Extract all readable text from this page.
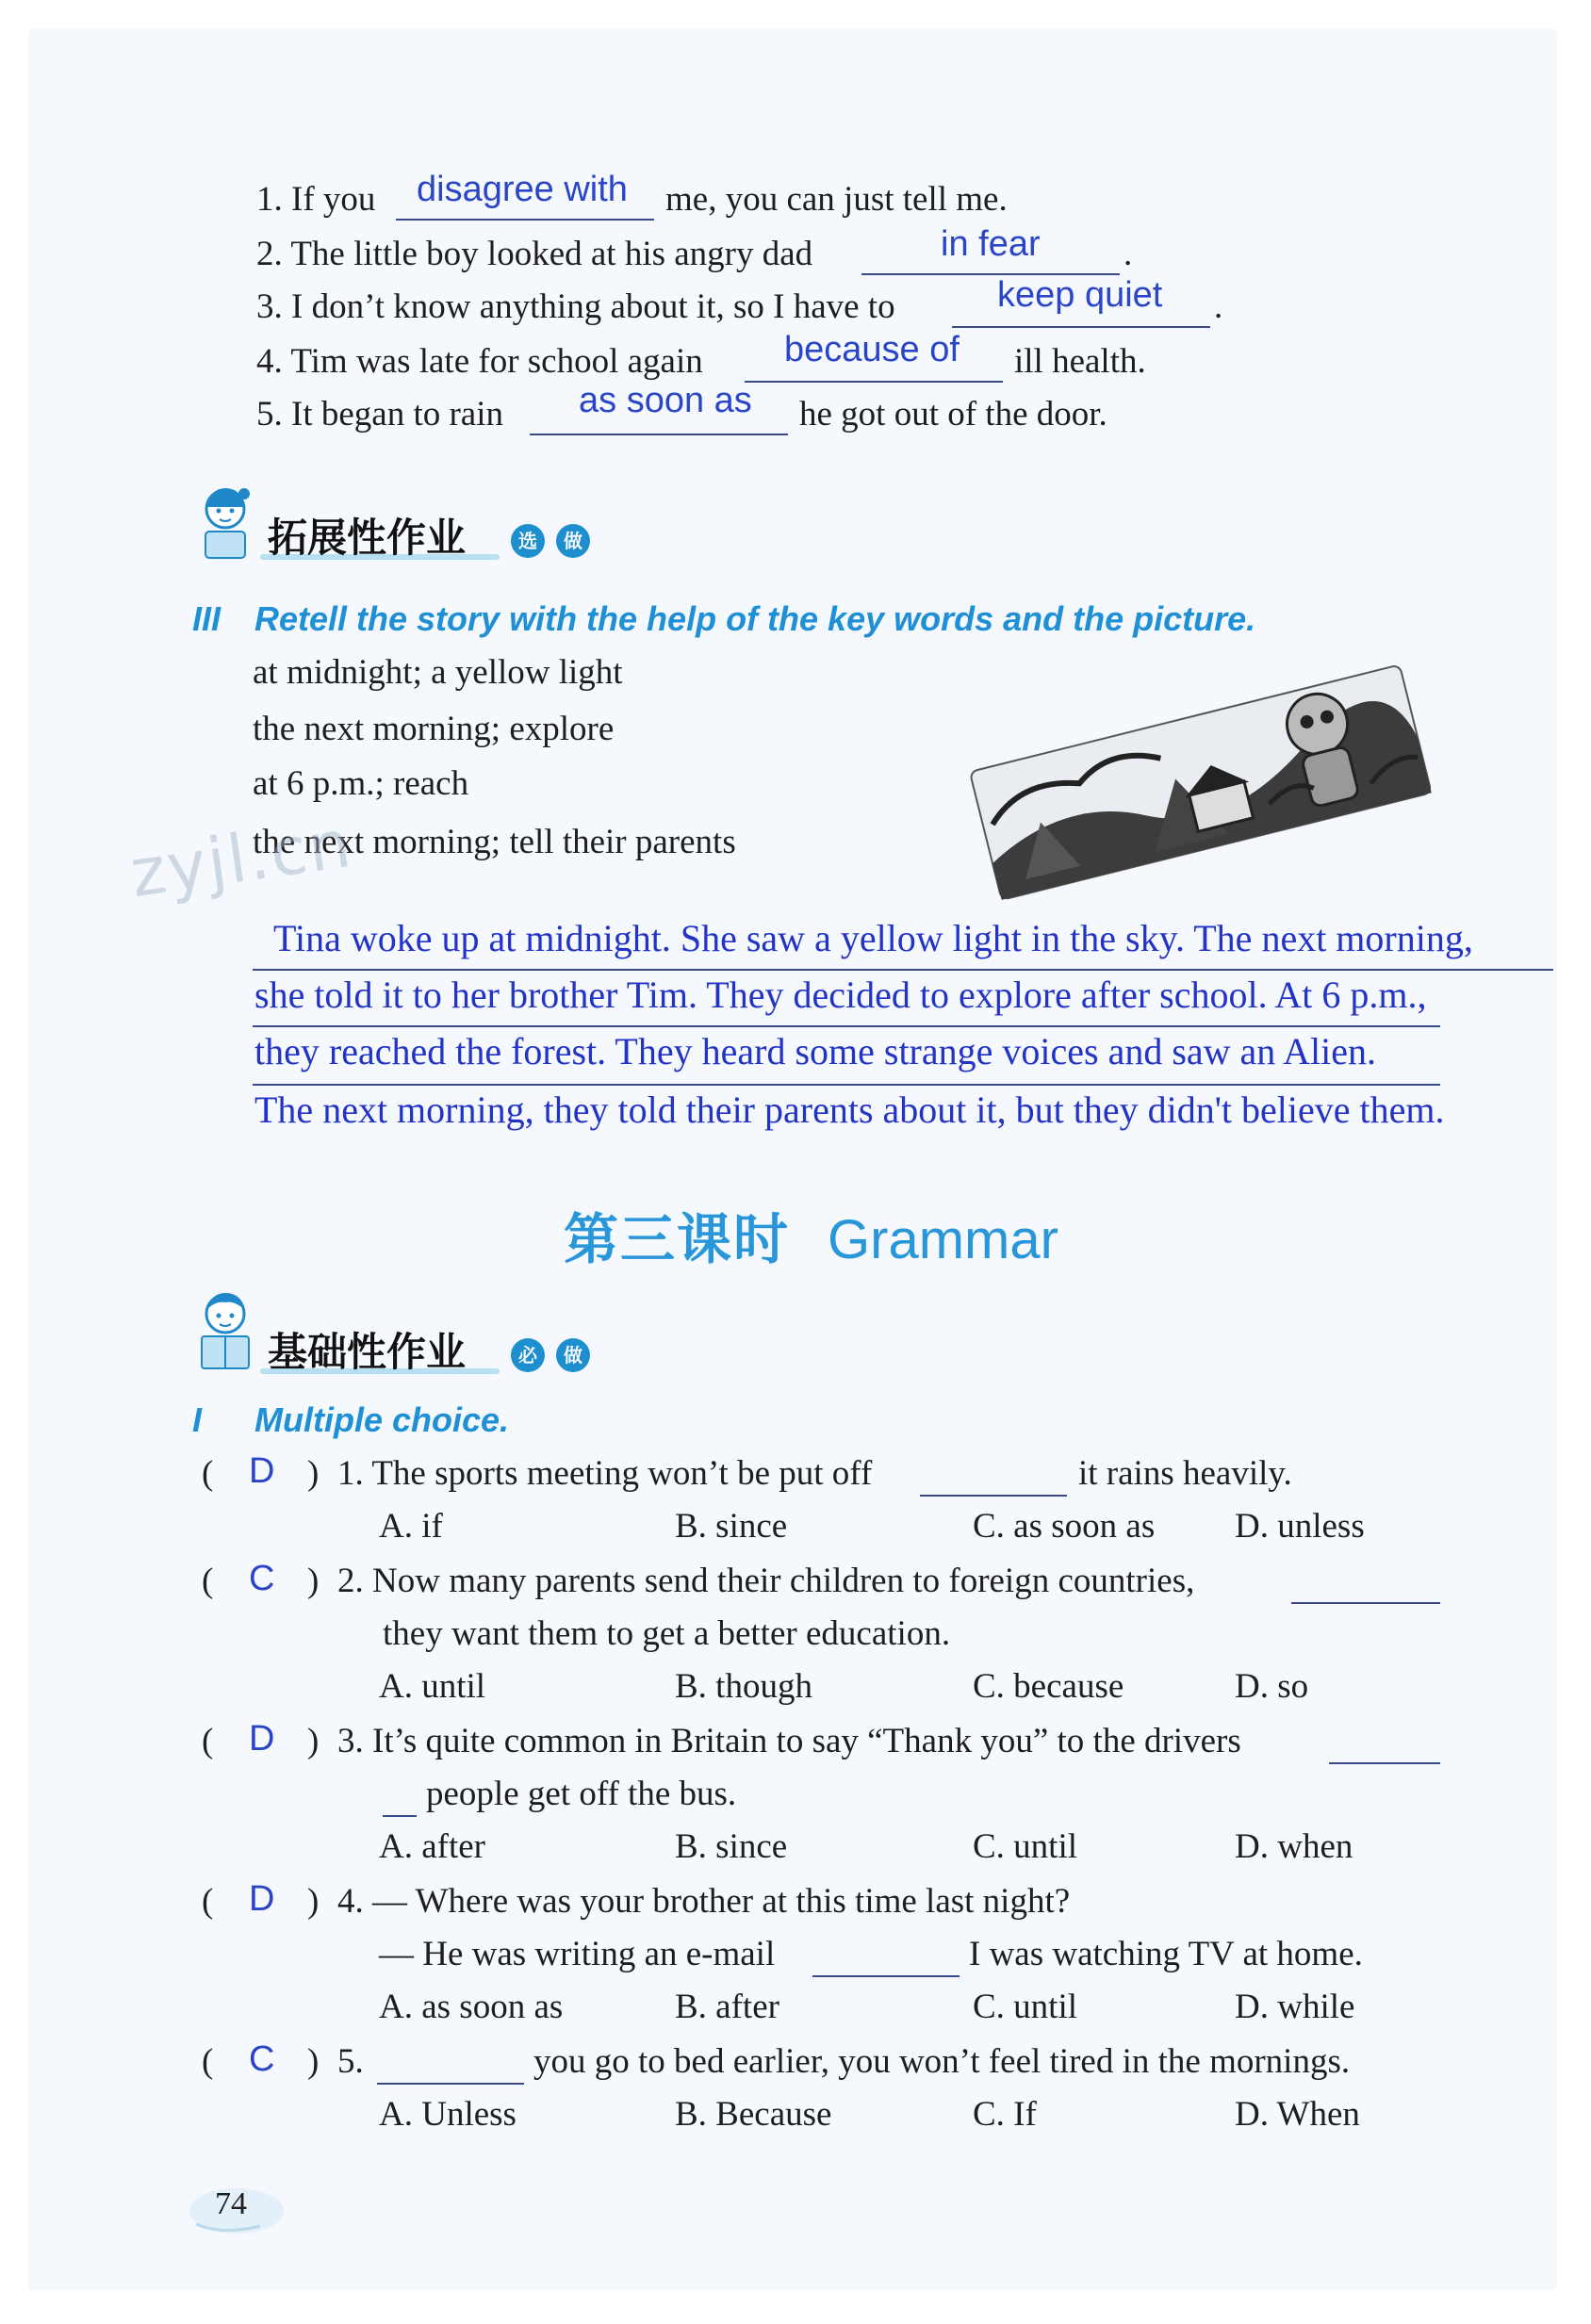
1. If you disagree with me, you can just tell me.
2. The little boy looked at his angry dad	in fear .
3. I don’t know anything about it, so I have to	keep quiet .
4. Tim was late for school again because of ill health.
5. It began to rain as soon as he got out of the door.
拓展性作业	选	做
III Retell the story with the help of the key words and the picture.
at midnight; a yellow light
the next morning; explore
at 6 p.m.; reach
the next morning; tell their parents
zyjl.cn
Tina woke up at midnight. She saw a yellow light in the sky. The next morning,
she told it to her brother Tim. They decided to explore after school. At 6 p.m.,
they reached the forest. They heard some strange voices and saw an Alien.
The next morning, they told their parents about it, but they didn't believe them.
第三课时 Grammar
基础性作业	必	做
I Multiple choice.
( D ) 1. The sports meeting won’t be put off	it rains heavily.
A. if	B. since	C. as soon as D. unless
( C ) 2. Now many parents send their children to foreign countries,
they want them to get a better education.
A. until	B. though	C. because	D. so
( D ) 3. It’s quite common in Britain to say “Thank you” to the drivers
people get off the bus.
A. after	B. since	C. until	D. when
( D ) 4. — Where was your brother at this time last night?
— He was writing an e-mail	I was watching TV at home.
A. as soon as	B. after	C. until	D. while
( C ) 5.	you go to bed earlier, you won’t feel tired in the mornings.
A. Unless	B. Because	C. If	D. When
74
